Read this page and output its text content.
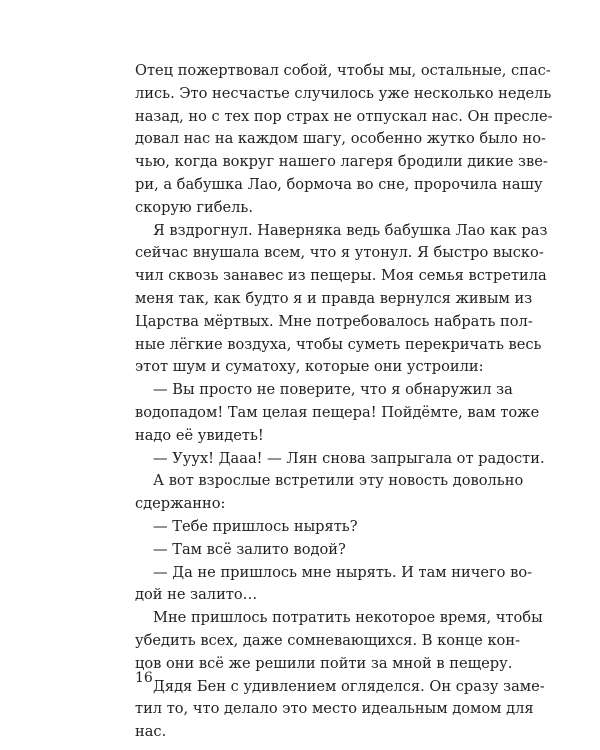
Отец пожертвовал собой, чтобы мы, остальные, спас-
лись. Это несчастье случилось уже несколько недель
назад, но с тех пор страх не отпускал нас. Он пресле-
довал нас на каждом шагу, особенно жутко было но-
чью, когда вокруг нашего лагеря бродили дикие зве-
ри, а бабушка Лао, бормоча во сне, пророчила нашу
скорую гибель.
Я вздрогнул. Наверняка ведь бабушка Лао как раз
сейчас внушала всем, что я утонул. Я быстро выско-
чил сквозь занавес из пещеры. Моя семья встретила
меня так, как будто я и правда вернулся живым из
Царства мёртвых. Мне потребовалось набрать пол-
ные лёгкие воздуха, чтобы суметь перекричать весь
этот шум и суматоху, которые они устроили:
— Вы просто не поверите, что я обнаружил за
водопадом! Там целая пещера! Пойдёмте, вам тоже
надо её увидеть!
— Уууx! Дааа! — Лян снова запрыгала от радости.
А вот взрослые встретили эту новость довольно
сдержанно:
— Тебе пришлось нырять?
— Там всё залито водой?
— Да не пришлось мне нырять. И там ничего во-
дой не залито…
Мне пришлось потратить некоторое время, чтобы
убедить всех, даже сомневающихся. В конце кон-
цов они всё же решили пойти за мной в пещеру.
Дядя Бен с удивлением огляделся. Он сразу заме-
тил то, что делало это место идеальным домом для
нас.
16
